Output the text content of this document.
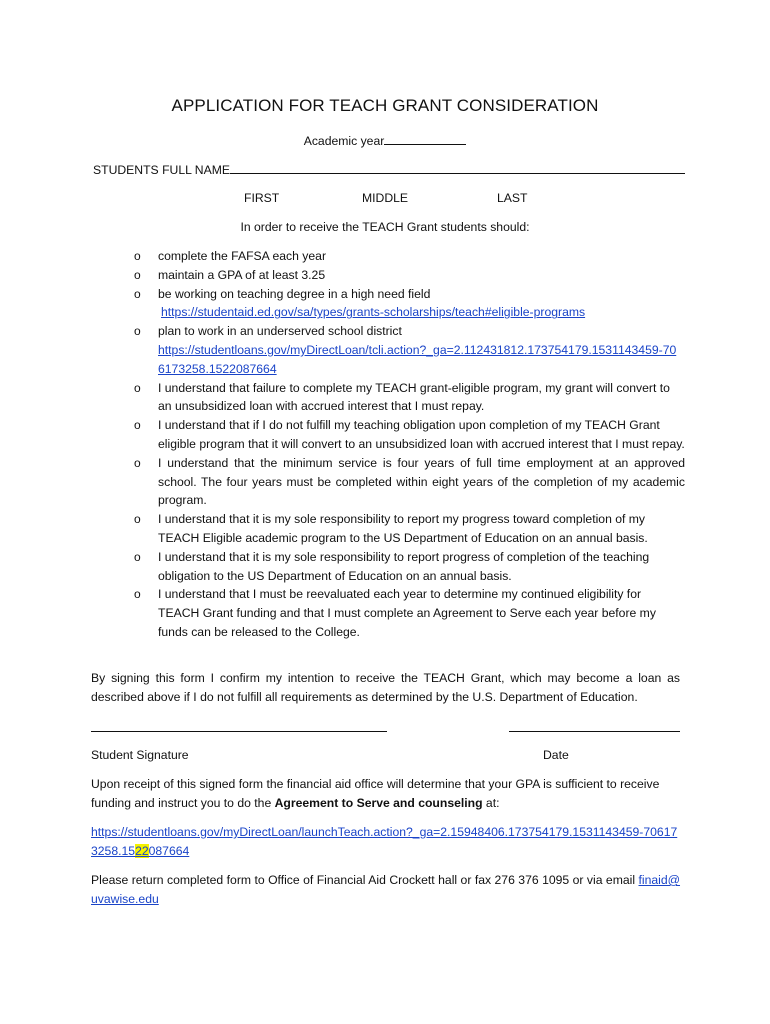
APPLICATION FOR TEACH GRANT CONSIDERATION
Academic year
STUDENTS FULL NAME
FIRST	MIDDLE	LAST
In order to receive the TEACH Grant students should:
o complete the FAFSA each year
o maintain a GPA of at least 3.25
o be working on teaching degree in a high need field
https://studentaid.ed.gov/sa/types/grants-scholarships/teach#eligible-programs
o plan to work in an underserved school district
https://studentloans.gov/myDirectLoan/tcli.action?_ga=2.112431812.173754179.1531143459-706173258.1522087664
o I understand that failure to complete my TEACH grant-eligible program, my grant will convert to an unsubsidized loan with accrued interest that I must repay.
o I understand that if I do not fulfill my teaching obligation upon completion of my TEACH Grant eligible program that it will convert to an unsubsidized loan with accrued interest that I must repay.
o I understand that the minimum service is four years of full time employment at an approved school. The four years must be completed within eight years of the completion of my academic program.
o I understand that it is my sole responsibility to report my progress toward completion of my TEACH Eligible academic program to the US Department of Education on an annual basis.
o I understand that it is my sole responsibility to report progress of completion of the teaching obligation to the US Department of Education on an annual basis.
o I understand that I must be reevaluated each year to determine my continued eligibility for TEACH Grant funding and that I must complete an Agreement to Serve each year before my funds can be released to the College.
By signing this form I confirm my intention to receive the TEACH Grant, which may become a loan as described above if I do not fulfill all requirements as determined by the U.S. Department of Education.
Student Signature	Date
Upon receipt of this signed form the financial aid office will determine that your GPA is sufficient to receive funding and instruct you to do the Agreement to Serve and counseling at:
https://studentloans.gov/myDirectLoan/launchTeach.action?_ga=2.15948406.173754179.1531143459-706173258.1522087664
Please return completed form to Office of Financial Aid Crockett hall or fax 276 376 1095 or via email finaid@uvawise.edu
